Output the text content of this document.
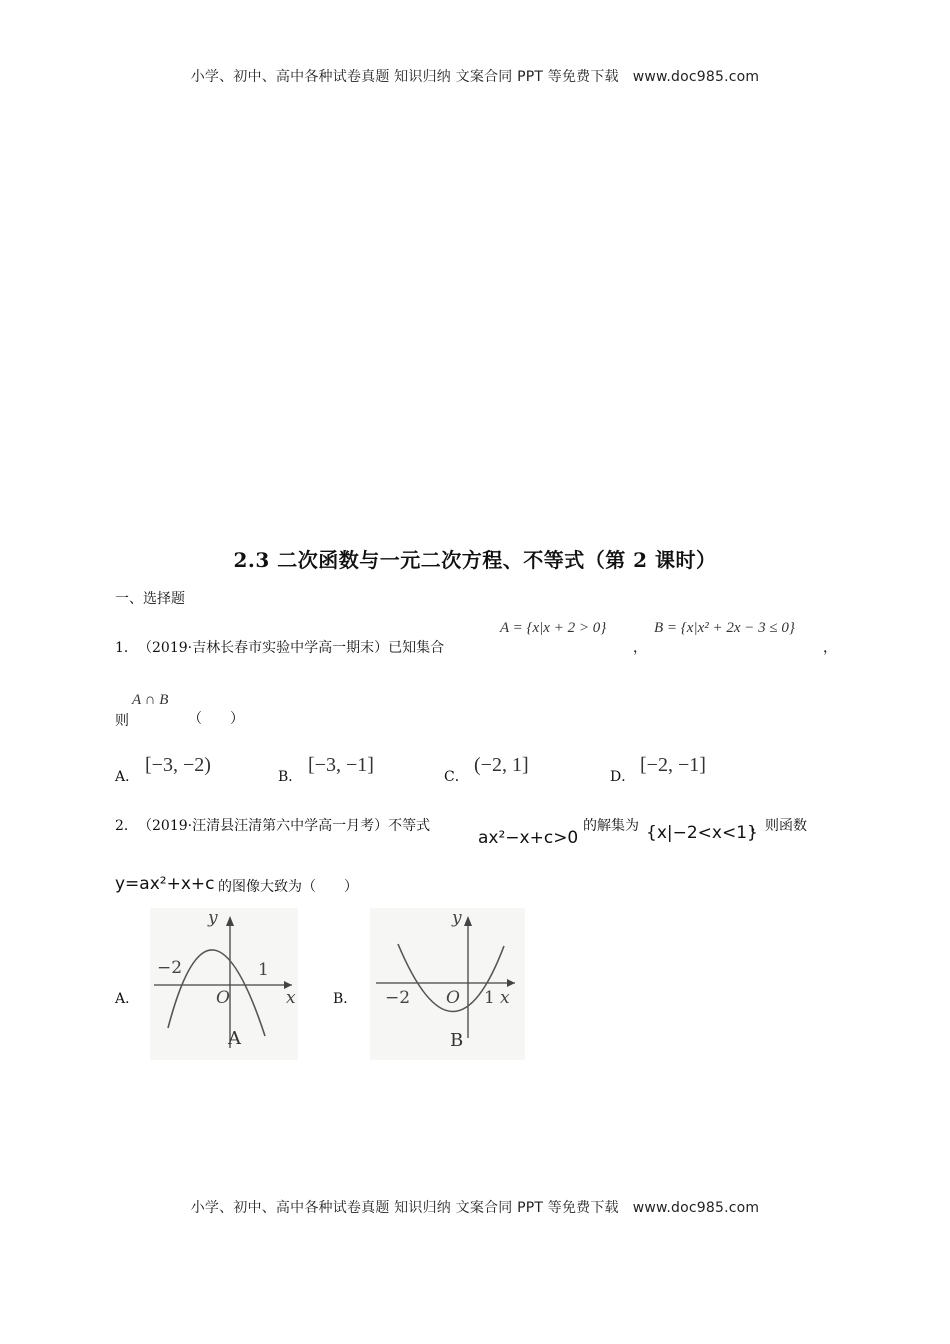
小学、初中、高中各种试卷真题 知识归纳 文案合同 PPT 等免费下载   www.doc985.com
2.3 二次函数与一元二次方程、不等式（第 2 课时）
一、选择题
1． （2019·吉林长春市实验中学高一期末）已知集合
A = {x|x + 2 > 0}
，
B = {x|x² + 2x − 3 ≤ 0}
，
则
A ∩ B
（　　）
A．
[−3, −2)
B．
[−3, −1]
C．
(−2, 1]
D．
[−2, −1]
2． （2019·汪清县汪清第六中学高一月考）不等式
ax²−x+c>0
的解集为 {x|−2<x<1}
，则函数
y=ax²+x+c 的图像大致为（　　）
A．
y
x
O
−2	1
A
B．
y
x
O
−2	1
B
小学、初中、高中各种试卷真题 知识归纳 文案合同 PPT 等免费下载   www.doc985.com
